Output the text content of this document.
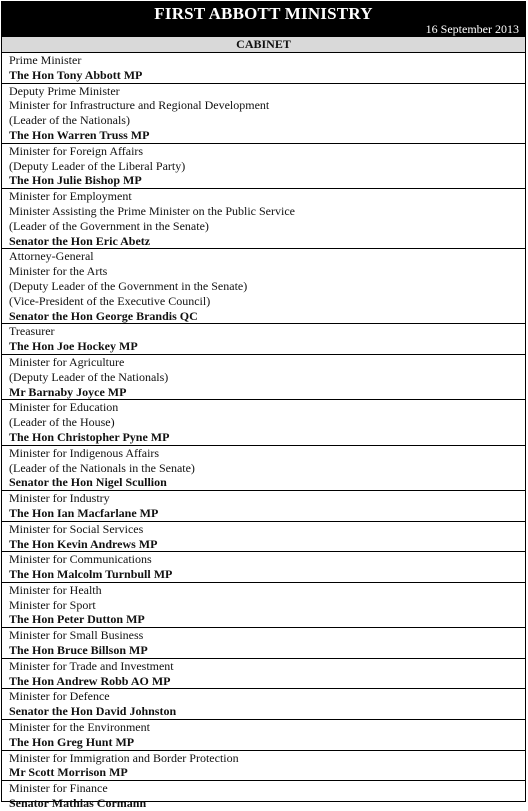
FIRST ABBOTT MINISTRY
16 September 2013
CABINET
Prime Minister
The Hon Tony Abbott MP
Deputy Prime Minister
Minister for Infrastructure and Regional Development
(Leader of the Nationals)
The Hon Warren Truss MP
Minister for Foreign Affairs
(Deputy Leader of the Liberal Party)
The Hon Julie Bishop MP
Minister for Employment
Minister Assisting the Prime Minister on the Public Service
(Leader of the Government in the Senate)
Senator the Hon Eric Abetz
Attorney-General
Minister for the Arts
(Deputy Leader of the Government in the Senate)
(Vice-President of the Executive Council)
Senator the Hon George Brandis QC
Treasurer
The Hon Joe Hockey MP
Minister for Agriculture
(Deputy Leader of the Nationals)
Mr Barnaby Joyce MP
Minister for Education
(Leader of the House)
The Hon Christopher Pyne MP
Minister for Indigenous Affairs
(Leader of the Nationals in the Senate)
Senator the Hon Nigel Scullion
Minister for Industry
The Hon Ian Macfarlane MP
Minister for Social Services
The Hon Kevin Andrews MP
Minister for Communications
The Hon Malcolm Turnbull MP
Minister for Health
Minister for Sport
The Hon Peter Dutton MP
Minister for Small Business
The Hon Bruce Billson MP
Minister for Trade and Investment
The Hon Andrew Robb AO MP
Minister for Defence
Senator the Hon David Johnston
Minister for the Environment
The Hon Greg Hunt MP
Minister for Immigration and Border Protection
Mr Scott Morrison MP
Minister for Finance
Senator Mathias Cormann
